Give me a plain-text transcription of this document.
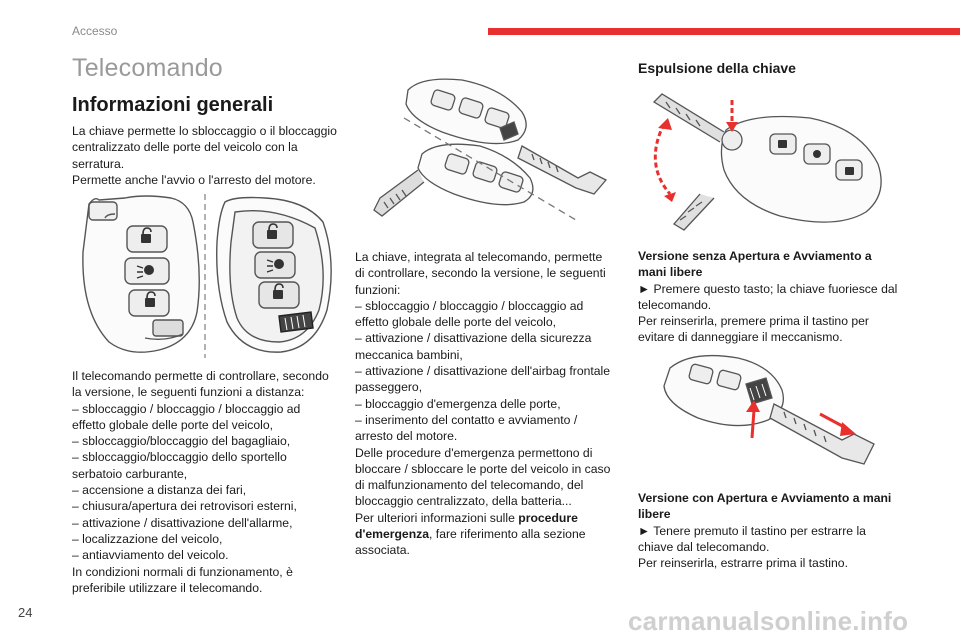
Accesso
Telecomando
Informazioni generali
La chiave permette lo sbloccaggio o il bloccaggio
centralizzato delle porte del veicolo con la
serratura.
Permette anche l'avvio o l'arresto del motore.
Il telecomando permette di controllare, secondo
la versione, le seguenti funzioni a distanza:
– sbloccaggio / bloccaggio / bloccaggio ad
effetto globale delle porte del veicolo,
– sbloccaggio/bloccaggio del bagagliaio,
– sbloccaggio/bloccaggio dello sportello
serbatoio carburante,
– accensione a distanza dei fari,
– chiusura/apertura dei retrovisori esterni,
– attivazione / disattivazione dell'allarme,
– localizzazione del veicolo,
– antiavviamento del veicolo.
In condizioni normali di funzionamento, è
preferibile utilizzare il telecomando.
La chiave, integrata al telecomando, permette
di controllare, secondo la versione, le seguenti
funzioni:
– sbloccaggio / bloccaggio / bloccaggio ad
effetto globale delle porte del veicolo,
– attivazione / disattivazione della sicurezza
meccanica bambini,
– attivazione / disattivazione dell'airbag frontale
passeggero,
– bloccaggio d'emergenza delle porte,
– inserimento del contatto e avviamento /
arresto del motore.
Delle procedure d'emergenza permettono di
bloccare / sbloccare le porte del veicolo in caso
di malfunzionamento del telecomando, del
bloccaggio centralizzato, della batteria...
Per ulteriori informazioni sulle procedure
d'emergenza, fare riferimento alla sezione
associata.
Espulsione della chiave
Versione senza Apertura e Avviamento a
mani libere
► Premere questo tasto; la chiave fuoriesce dal
telecomando.
Per reinserirla, premere prima il tastino per
evitare di danneggiare il meccanismo.
Versione con Apertura e Avviamento a mani
libere
► Tenere premuto il tastino per estrarre la
chiave dal telecomando.
Per reinserirla, estrarre prima il tastino.
24	carmanualsonline.info
